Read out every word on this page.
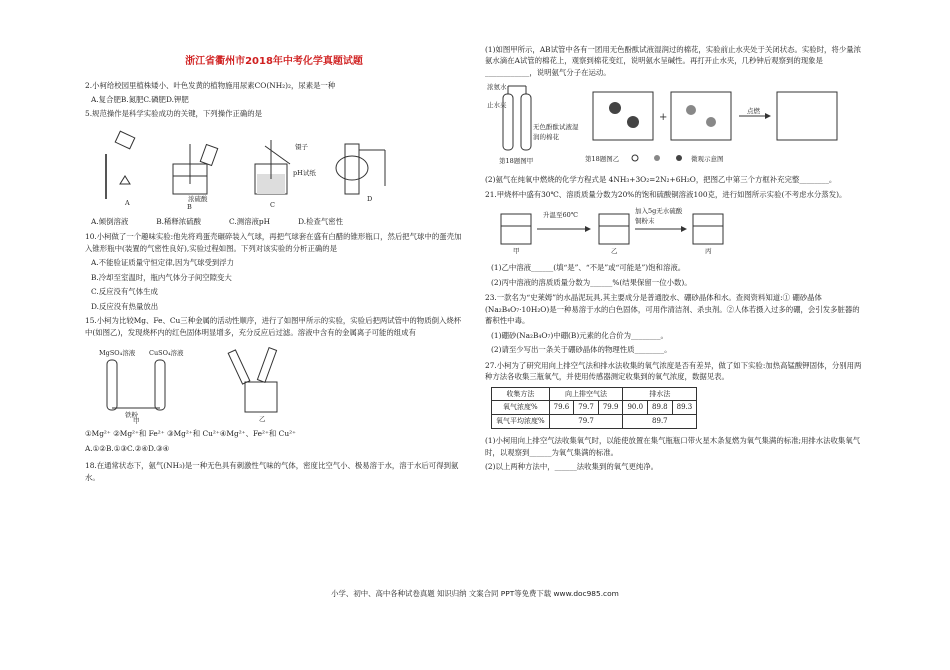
浙江省衢州市2018年中考化学真题试题

2.小柯给校园里植株矮小、叶色发黄的植物施用尿素CO(NH₂)₂，尿素是一种

A.复合肥B.氮肥C.磷肥D.钾肥

5.规范操作是科学实验成功的关键，下列操作正确的是

浓硫酸
镊子
pH试纸
A	B	C
D
A.倾倒溶液	B.稀释浓硫酸	C.测溶液pH	D.检查气密性

10.小柯做了一个趣味实验:他先将鸡蛋壳碾碎装入气球，再把气球套在盛有白醋的锥形瓶口，然后把气球中的蛋壳加入锥形瓶中(装置的气密性良好),实验过程如图。下列对该实验的分析正确的是

A.不能验证质量守恒定律,因为气球受到浮力

B.冷却至室温时，瓶内气体分子间空隙变大

C.反应没有气体生成

D.反应没有热量放出

15.小柯为比较Mg、Fe、Cu三种金属的活动性顺序，进行了如图甲所示的实验，实验后把两试管中的物质倒入烧杯中(如图乙)，发现烧杯内的红色固体明显增多，充分反应后过滤。溶液中含有的金属离子可能的组成有

MgSO₄溶液 CuSO₄溶液
铁粉
甲	乙

①Mg²⁺ ②Mg²⁺和 Fe²⁺ ③Mg²⁺和 Cu²⁺④Mg²⁺、Fe²⁺和 Cu²⁺

A.①②B.①③C.②④D.③④

18.在通常状态下，氨气(NH₃)是一种无色具有刺激性气味的气体，密度比空气小、极易溶于水，溶于水后可得到氨水。

(1)如图甲所示，AB试管中各有一团用无色酚酞试液湿润过的棉花，实验前止水夹处于关闭状态。实验时，将少量浓氨水滴在A试管的棉花上，观察到棉花变红，说明氨水呈碱性。再打开止水夹，几秒钟后观察到的现象是____________，说明氨气分子在运动。

+
浓氨水
止水夹
无色酚酞试液湿润的棉花
点燃
第18题图甲	第18题图乙	微观示意图

(2)氨气在纯氧中燃烧的化学方程式是 4NH₃+3O₂=2N₂+6H₂O，把图乙中第三个方框补充完整________。

21.甲烧杯中盛有30℃、溶质质量分数为20%的饱和硫酸铜溶液100克，进行如图所示实验(不考虑水分蒸发)。

升温至60℃	加入5g无水硫酸铜粉末
甲	乙	丙

(1)乙中溶液______(填“是”、“不是”或“可能是”)饱和溶液。

(2)丙中溶液的溶质质量分数为______%(结果保留一位小数)。

23.一款名为“史莱姆”的水晶泥玩具,其主要成分是普通胶水、硼砂晶体和水。查阅资料知道:① 硼砂晶体(Na₂B₄O₇·10H₂O)是一种易溶于水的白色固体，可用作清洁剂、杀虫剂。②人体若摄入过多的硼，会引发多脏器的蓄积性中毒。

(1)硼砂(Na₂B₄O₇)中硼(B)元素的化合价为________。

(2)请至少写出一条关于硼砂晶体的物理性质________。

27.小柯为了研究用向上排空气法和排水法收集的氧气浓度是否有差异，做了如下实验:加热高锰酸钾固体，分别用两种方法各收集三瓶氧气，并使用传感器测定收集到的氧气浓度，数据见表。

收集方法	向上排空气法			排水法		
氧气浓度%	79.6	79.7	79.9	90.0	89.8	89.3
氧气平均浓度%	79.7			89.7		

(1)小柯用向上排空气法收集氧气时，以能使放置在集气瓶瓶口带火星木条复燃为氧气集满的标准;用排水法收集氧气时，以观察到______为氧气集满的标准。

(2)以上两种方法中，______法收集到的氧气更纯净。

小学、初中、高中各种试卷真题 知识归纳 文案合同 PPT等免费下载 www.doc985.com
